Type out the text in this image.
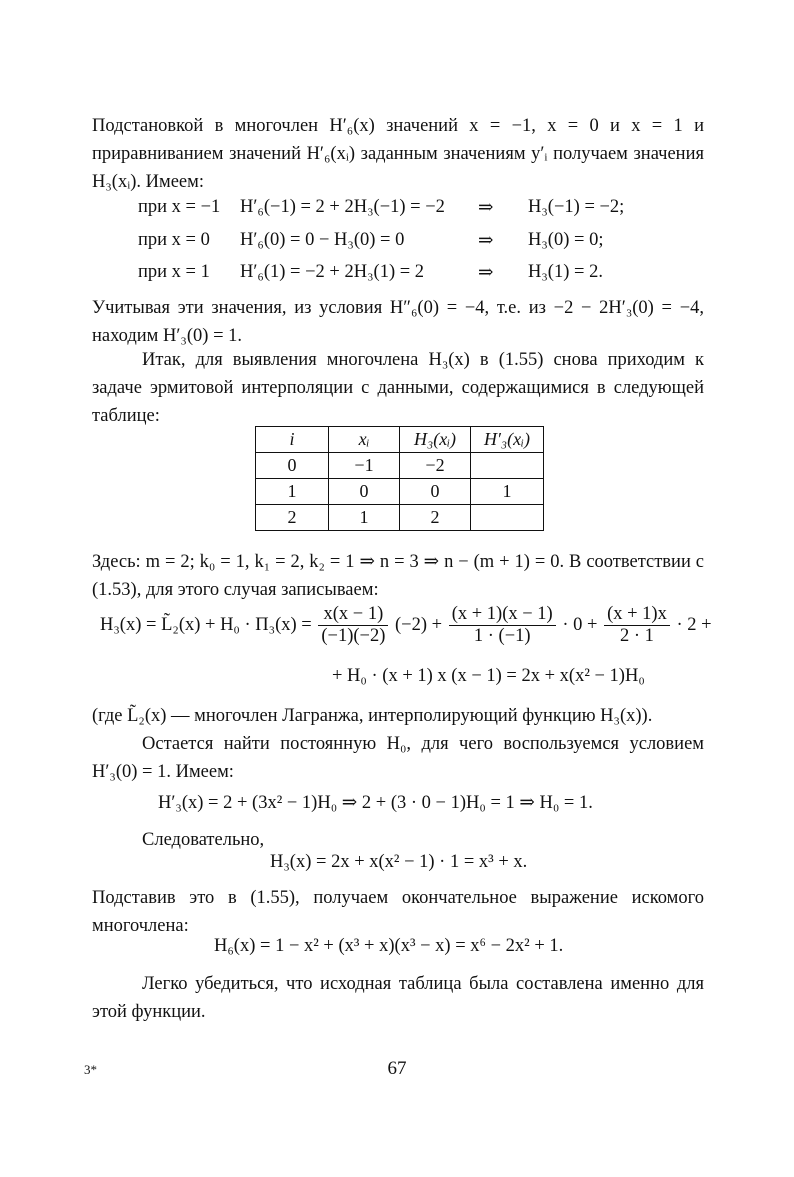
Подстановкой в многочлен H′₆(x) значений x = −1, x = 0 и x = 1 и приравниванием значений H′₆(xᵢ) заданным значениям y′ᵢ получаем значения H₃(xᵢ). Имеем:

при x = −1 H′₆(−1) = 2 + 2H₃(−1) = −2 ⇒ H₃(−1) = −2;
при x = 0 H′₆(0) = 0 − H₃(0) = 0	⇒ H₃(0) = 0;
при x = 1 H′₆(1) = −2 + 2H₃(1) = 2	⇒ H₃(1) = 2.

Учитывая эти значения, из условия H″₆(0) = −4, т.е. из −2 − 2H′₃(0) = −4, находим H′₃(0) = 1.

Итак, для выявления многочлена H₃(x) в (1.55) снова приходим к задаче эрмитовой интерполяции с данными, содержащимися в следующей таблице:

i	xᵢ	H₃(xᵢ)	H′₃(xᵢ)
0	−1	−2	
1	0	0	1
2	1	2	

Здесь: m = 2; k₀ = 1, k₁ = 2, k₂ = 1 ⇒ n = 3 ⇒ n − (m + 1) = 0. В соответствии с (1.53), для этого случая записываем:

H₃(x) = L̃₂(x) + $H_0 \cdot \Pi_3(x) = \frac{x(x - 1)}{(-1)(-2)} (-2) + \frac{(x + 1)(x - 1)}{1 \cdot (-1)} \cdot 0 + \frac{(x + 1)x}{2 \cdot 1} \cdot 2$ +
+ H₀ · (x + 1) x (x − 1) = 2x + x(x² − 1)H₀

(где L̃₂(x) — многочлен Лагранжа, интерполирующий функцию H₃(x)).

Остается найти постоянную H₀, для чего воспользуемся условием H′₃(0) = 1. Имеем:

H′₃(x) = 2 + (3x² − 1)H₀ ⇒ 2 + (3 · 0 − 1)H₀ = 1 ⇒ H₀ = 1.

Следовательно,

H₃(x) = 2x + x(x² − 1) · 1 = x³ + x.

Подставив это в (1.55), получаем окончательное выражение искомого многочлена:

H₆(x) = 1 − x² + (x³ + x)(x³ − x) = x⁶ − 2x² + 1.

Легко убедиться, что исходная таблица была составлена именно для этой функции.

3*	67
